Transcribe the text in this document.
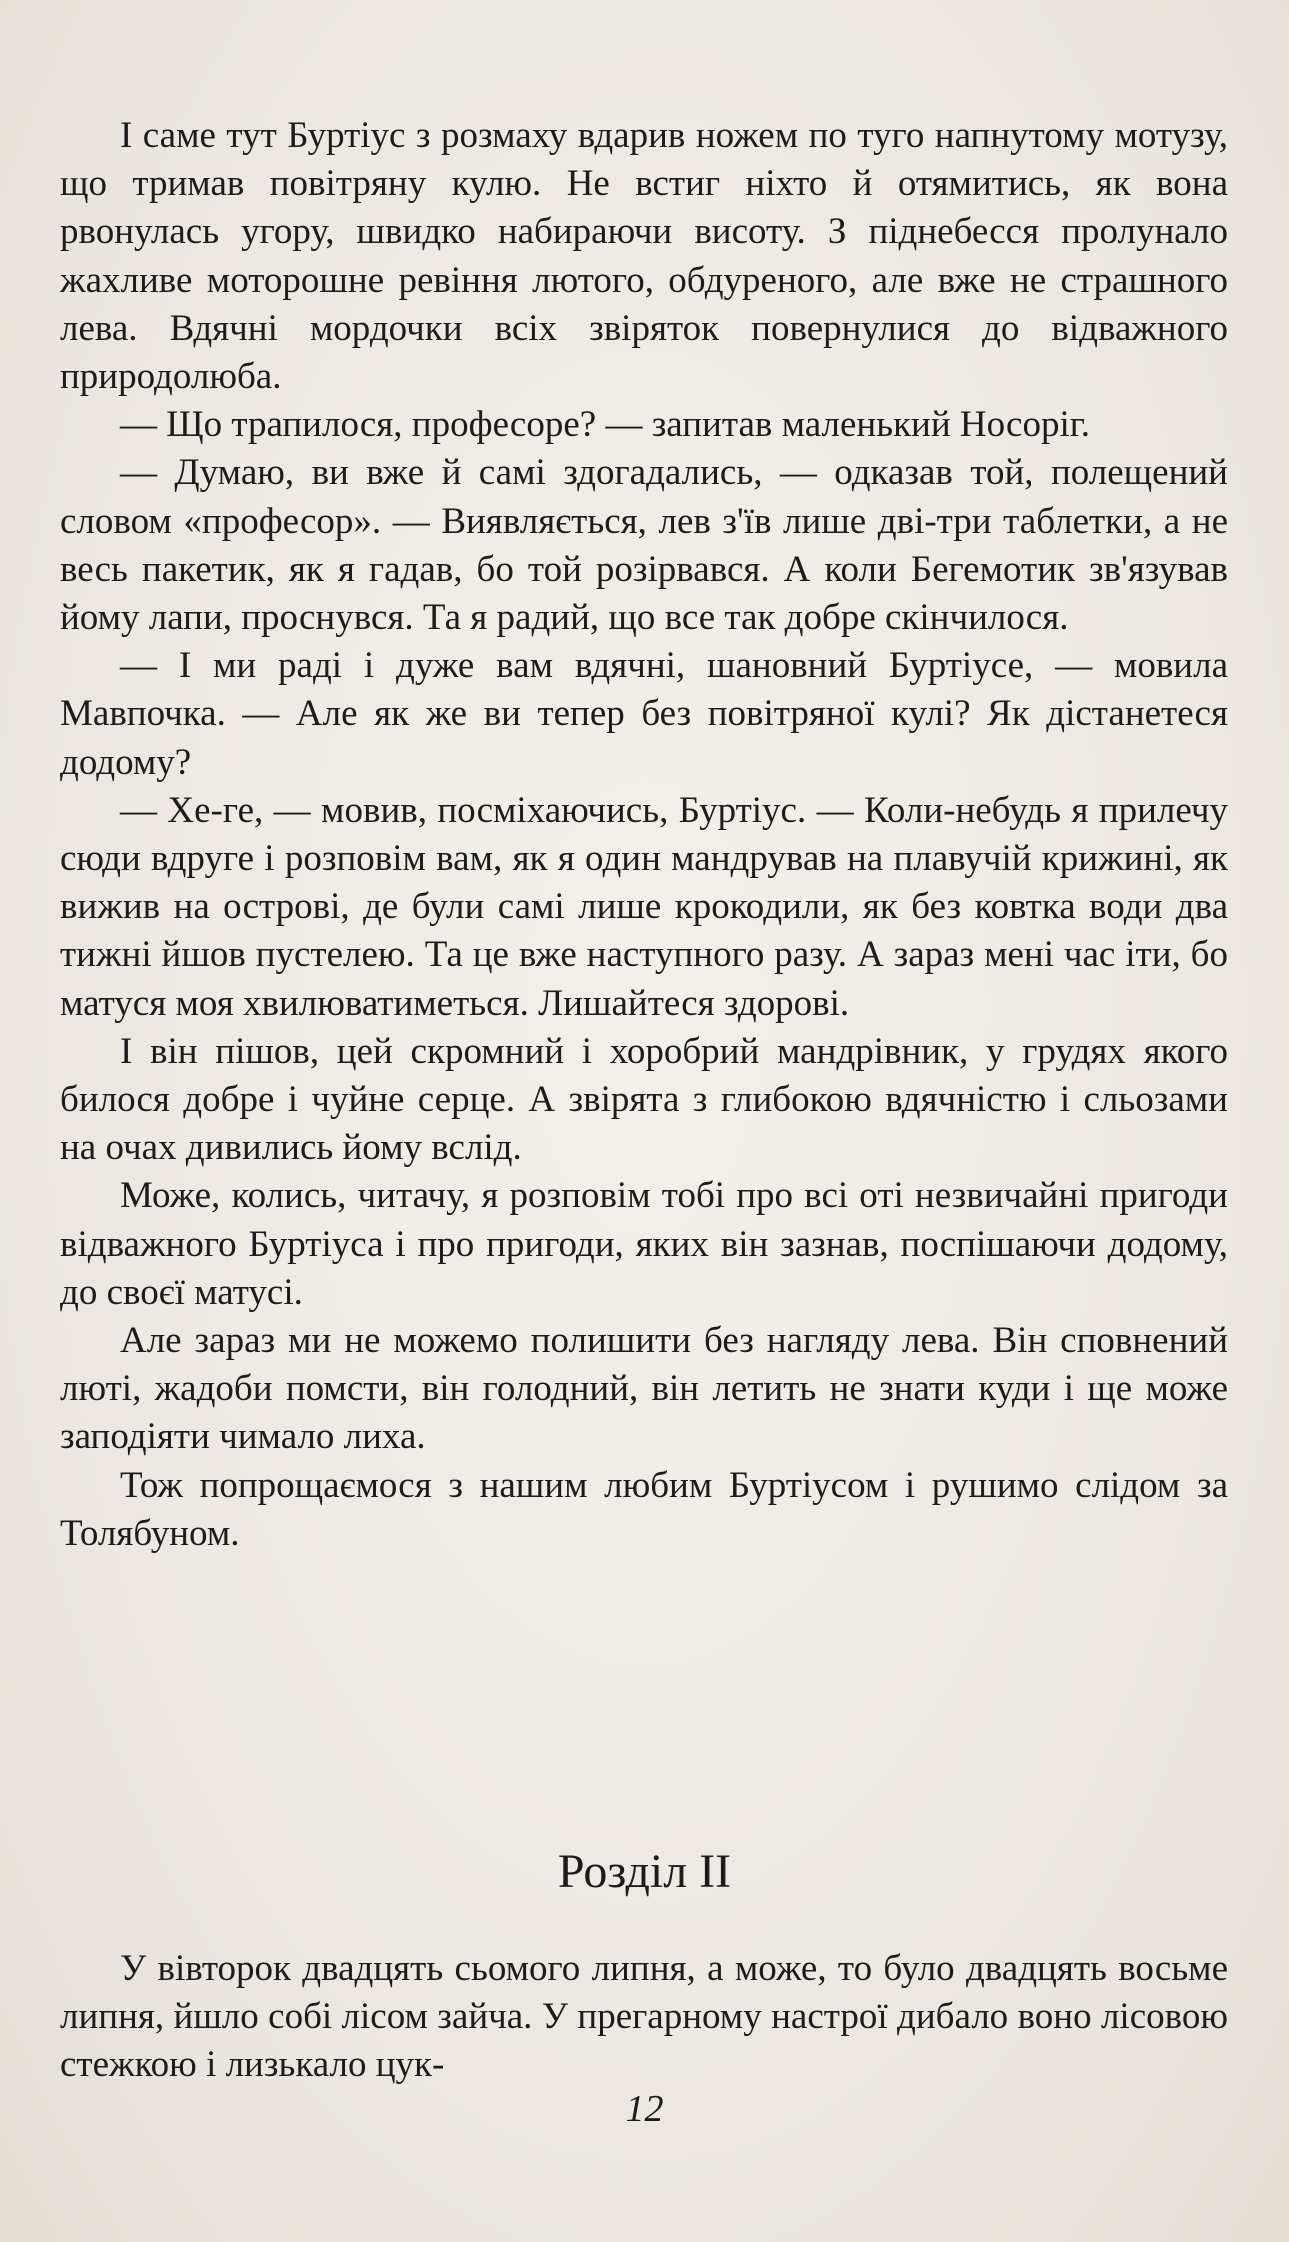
І саме тут Буртіус з розмаху вдарив ножем по туго напнутому мотузу, що тримав повітряну кулю. Не встиг ніхто й отямитись, як вона рвонулась угору, швидко набираючи висоту. З піднебесся пролунало жахливе моторошне ревіння лютого, обдуреного, але вже не страшного лева. Вдячні мордочки всіх звіряток повернулися до відважного природолюба.

— Що трапилося, професоре? — запитав маленький Носоріг.

— Думаю, ви вже й самі здогадались, — одказав той, полещений словом «професор». — Виявляється, лев з'їв лише дві-три таблетки, а не весь пакетик, як я гадав, бо той розірвався. А коли Бегемотик зв'язував йому лапи, проснувся. Та я радий, що все так добре скінчилося.

— І ми раді і дуже вам вдячні, шановний Буртіусе, — мовила Мавпочка. — Але як же ви тепер без повітряної кулі? Як дістанетеся додому?

— Хе-ге, — мовив, посміхаючись, Буртіус. — Коли-небудь я прилечу сюди вдруге і розповім вам, як я один мандрував на плавучій крижині, як вижив на острові, де були самі лише крокодили, як без ковтка води два тижні йшов пустелею. Та це вже наступного разу. А зараз мені час іти, бо матуся моя хвилюватиметься. Лишайтеся здорові.

І він пішов, цей скромний і хоробрий мандрівник, у грудях якого билося добре і чуйне серце. А звірята з глибокою вдячністю і сльозами на очах дивились йому вслід.

Може, колись, читачу, я розповім тобі про всі оті незвичайні пригоди відважного Буртіуса і про пригоди, яких він зазнав, поспішаючи додому, до своєї матусі.

Але зараз ми не можемо полишити без нагляду лева. Він сповнений люті, жадоби помсти, він голодний, він летить не знати куди і ще може заподіяти чимало лиха.

Тож попрощаємося з нашим любим Буртіусом і рушимо слідом за Толябуном.

Розділ II

У вівторок двадцять сьомого липня, а може, то було двадцять восьме липня, йшло собі лісом зайча. У прегарному настрої дибало воно лісовою стежкою і лизькало цук-

12
